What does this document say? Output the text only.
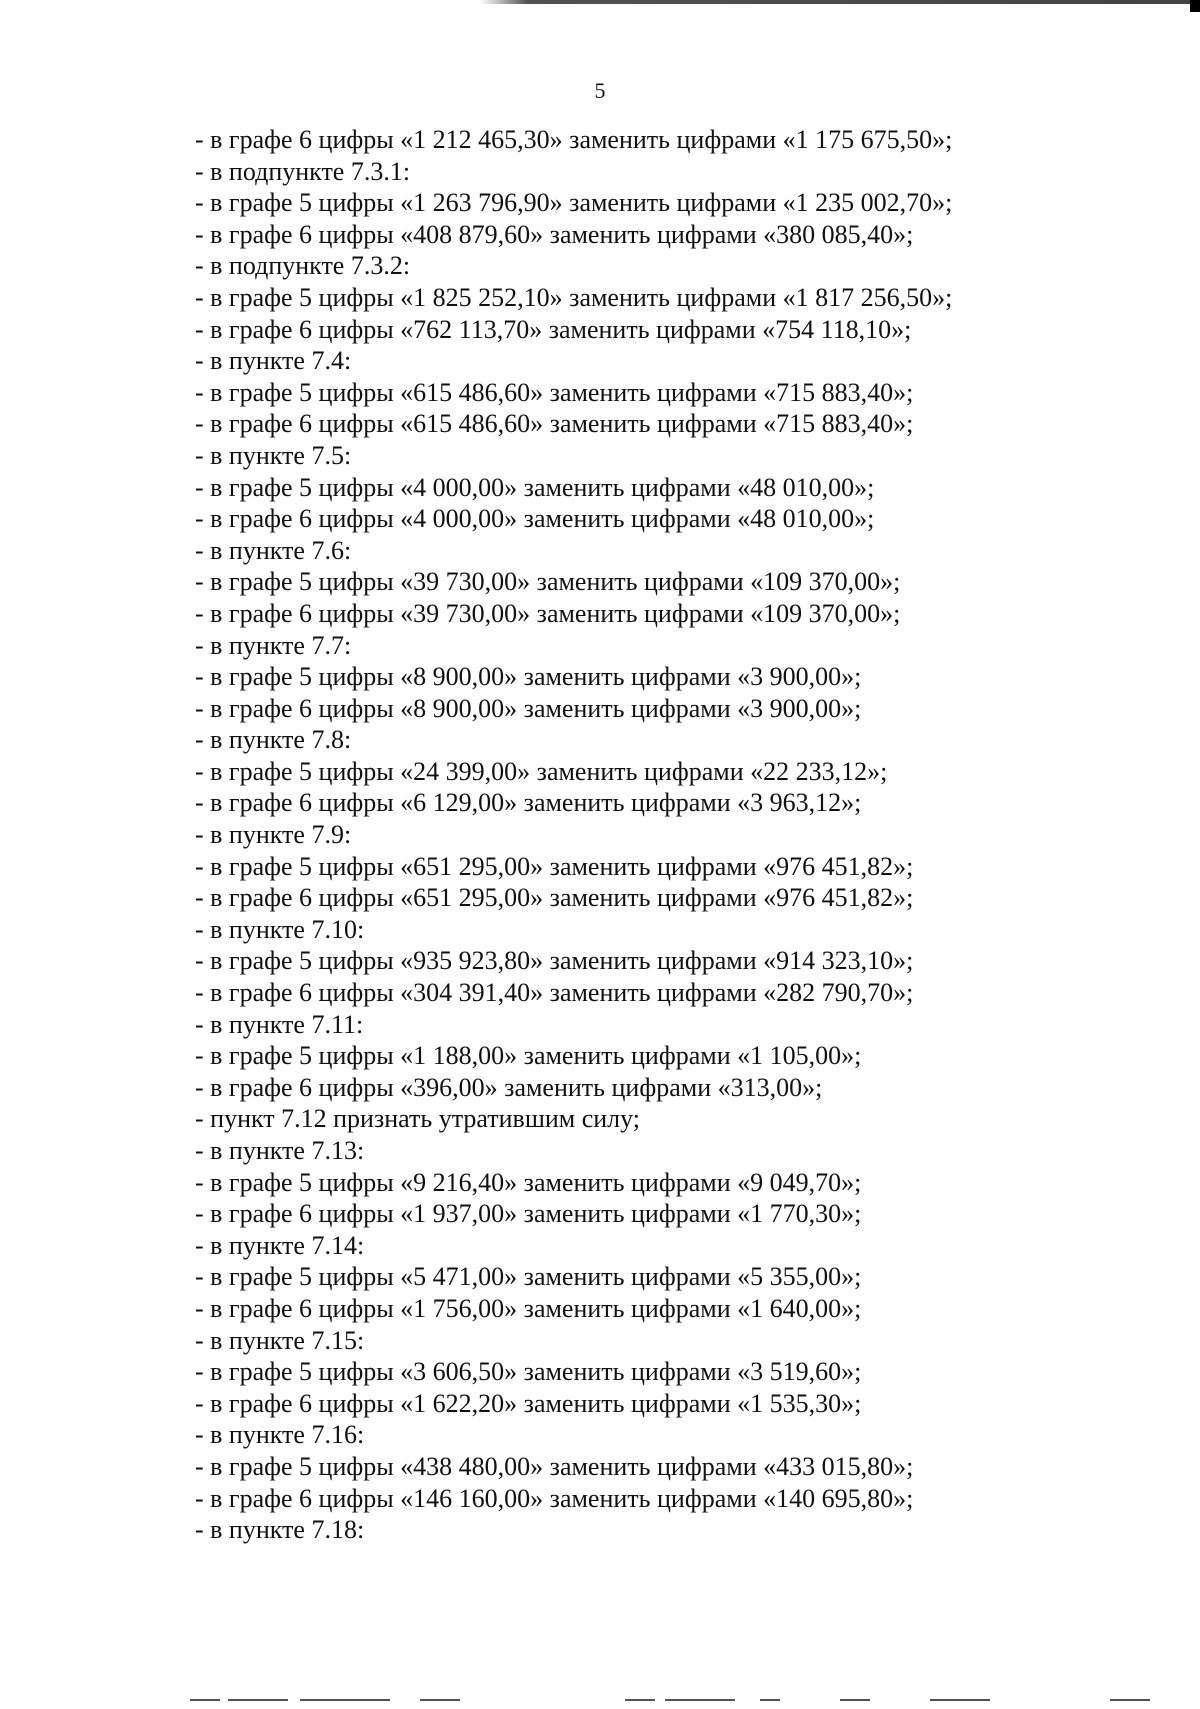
5
- в графе 6 цифры «1 212 465,30» заменить цифрами «1 175 675,50»;
- в подпункте 7.3.1:
- в графе 5 цифры «1 263 796,90» заменить цифрами «1 235 002,70»;
- в графе 6 цифры «408 879,60» заменить цифрами «380 085,40»;
- в подпункте 7.3.2:
- в графе 5 цифры «1 825 252,10» заменить цифрами «1 817 256,50»;
- в графе 6 цифры «762 113,70» заменить цифрами «754 118,10»;
- в пункте 7.4:
- в графе 5 цифры «615 486,60» заменить цифрами «715 883,40»;
- в графе 6 цифры «615 486,60» заменить цифрами «715 883,40»;
- в пункте 7.5:
- в графе 5 цифры «4 000,00» заменить цифрами «48 010,00»;
- в графе 6 цифры «4 000,00» заменить цифрами «48 010,00»;
- в пункте 7.6:
- в графе 5 цифры «39 730,00» заменить цифрами «109 370,00»;
- в графе 6 цифры «39 730,00» заменить цифрами «109 370,00»;
- в пункте 7.7:
- в графе 5 цифры «8 900,00» заменить цифрами «3 900,00»;
- в графе 6 цифры «8 900,00» заменить цифрами «3 900,00»;
- в пункте 7.8:
- в графе 5 цифры «24 399,00» заменить цифрами «22 233,12»;
- в графе 6 цифры «6 129,00» заменить цифрами «3 963,12»;
- в пункте 7.9:
- в графе 5 цифры «651 295,00» заменить цифрами «976 451,82»;
- в графе 6 цифры «651 295,00» заменить цифрами «976 451,82»;
- в пункте 7.10:
- в графе 5 цифры «935 923,80» заменить цифрами «914 323,10»;
- в графе 6 цифры «304 391,40» заменить цифрами «282 790,70»;
- в пункте 7.11:
- в графе 5 цифры «1 188,00» заменить цифрами «1 105,00»;
- в графе 6 цифры «396,00» заменить цифрами «313,00»;
- пункт 7.12 признать утратившим силу;
- в пункте 7.13:
- в графе 5 цифры «9 216,40» заменить цифрами «9 049,70»;
- в графе 6 цифры «1 937,00» заменить цифрами «1 770,30»;
- в пункте 7.14:
- в графе 5 цифры «5 471,00» заменить цифрами «5 355,00»;
- в графе 6 цифры «1 756,00» заменить цифрами «1 640,00»;
- в пункте 7.15:
- в графе 5 цифры «3 606,50» заменить цифрами «3 519,60»;
- в графе 6 цифры «1 622,20» заменить цифрами «1 535,30»;
- в пункте 7.16:
- в графе 5 цифры «438 480,00» заменить цифрами «433 015,80»;
- в графе 6 цифры «146 160,00» заменить цифрами «140 695,80»;
- в пункте 7.18:
